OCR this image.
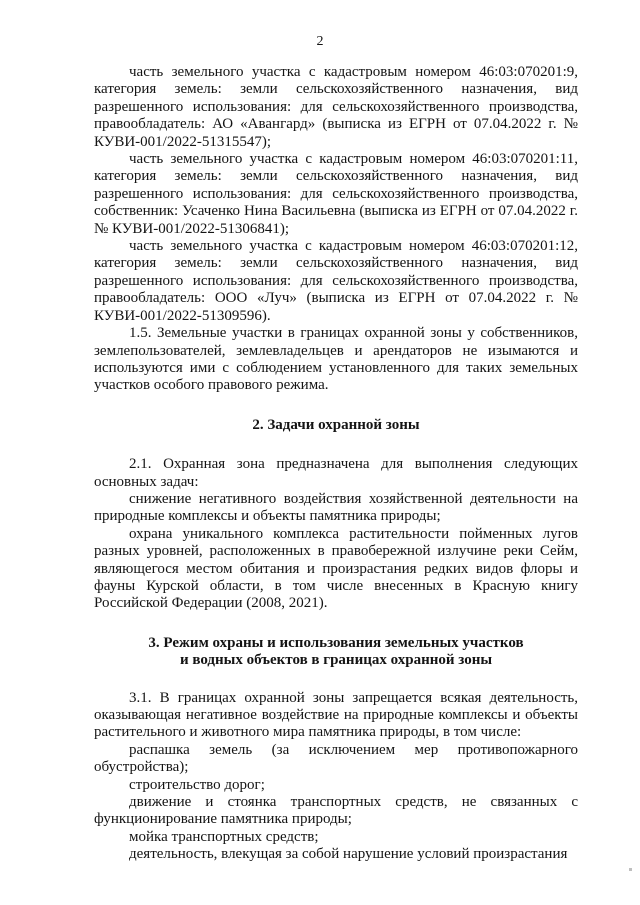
2

часть земельного участка с кадастровым номером 46:03:070201:9, категория земель: земли сельскохозяйственного назначения, вид разрешенного использования: для сельскохозяйственного производства, правообладатель: АО «Авангард» (выписка из ЕГРН от 07.04.2022 г. № КУВИ-001/2022-51315547);

часть земельного участка с кадастровым номером 46:03:070201:11, категория земель: земли сельскохозяйственного назначения, вид разрешенного использования: для сельскохозяйственного производства, собственник: Усаченко Нина Васильевна (выписка из ЕГРН от 07.04.2022 г. № КУВИ-001/2022-51306841);

часть земельного участка с кадастровым номером 46:03:070201:12, категория земель: земли сельскохозяйственного назначения, вид разрешенного использования: для сельскохозяйственного производства, правообладатель: ООО «Луч» (выписка из ЕГРН от 07.04.2022 г. № КУВИ-001/2022-51309596).

1.5. Земельные участки в границах охранной зоны у собственников, землепользователей, землевладельцев и арендаторов не изымаются и используются ими с соблюдением установленного для таких земельных участков особого правового режима.

2. Задачи охранной зоны

2.1. Охранная зона предназначена для выполнения следующих основных задач:

снижение негативного воздействия хозяйственной деятельности на природные комплексы и объекты памятника природы;

охрана уникального комплекса растительности пойменных лугов разных уровней, расположенных в правобережной излучине реки Сейм, являющегося местом обитания и произрастания редких видов флоры и фауны Курской области, в том числе внесенных в Красную книгу Российской Федерации (2008, 2021).

3. Режим охраны и использования земельных участков
и водных объектов в границах охранной зоны

3.1. В границах охранной зоны запрещается всякая деятельность, оказывающая негативное воздействие на природные комплексы и объекты растительного и животного мира памятника природы, в том числе:

распашка земель (за исключением мер противопожарного обустройства);

строительство дорог;

движение и стоянка транспортных средств, не связанных с функционирование памятника природы;

мойка транспортных средств;

деятельность, влекущая за собой нарушение условий произрастания
